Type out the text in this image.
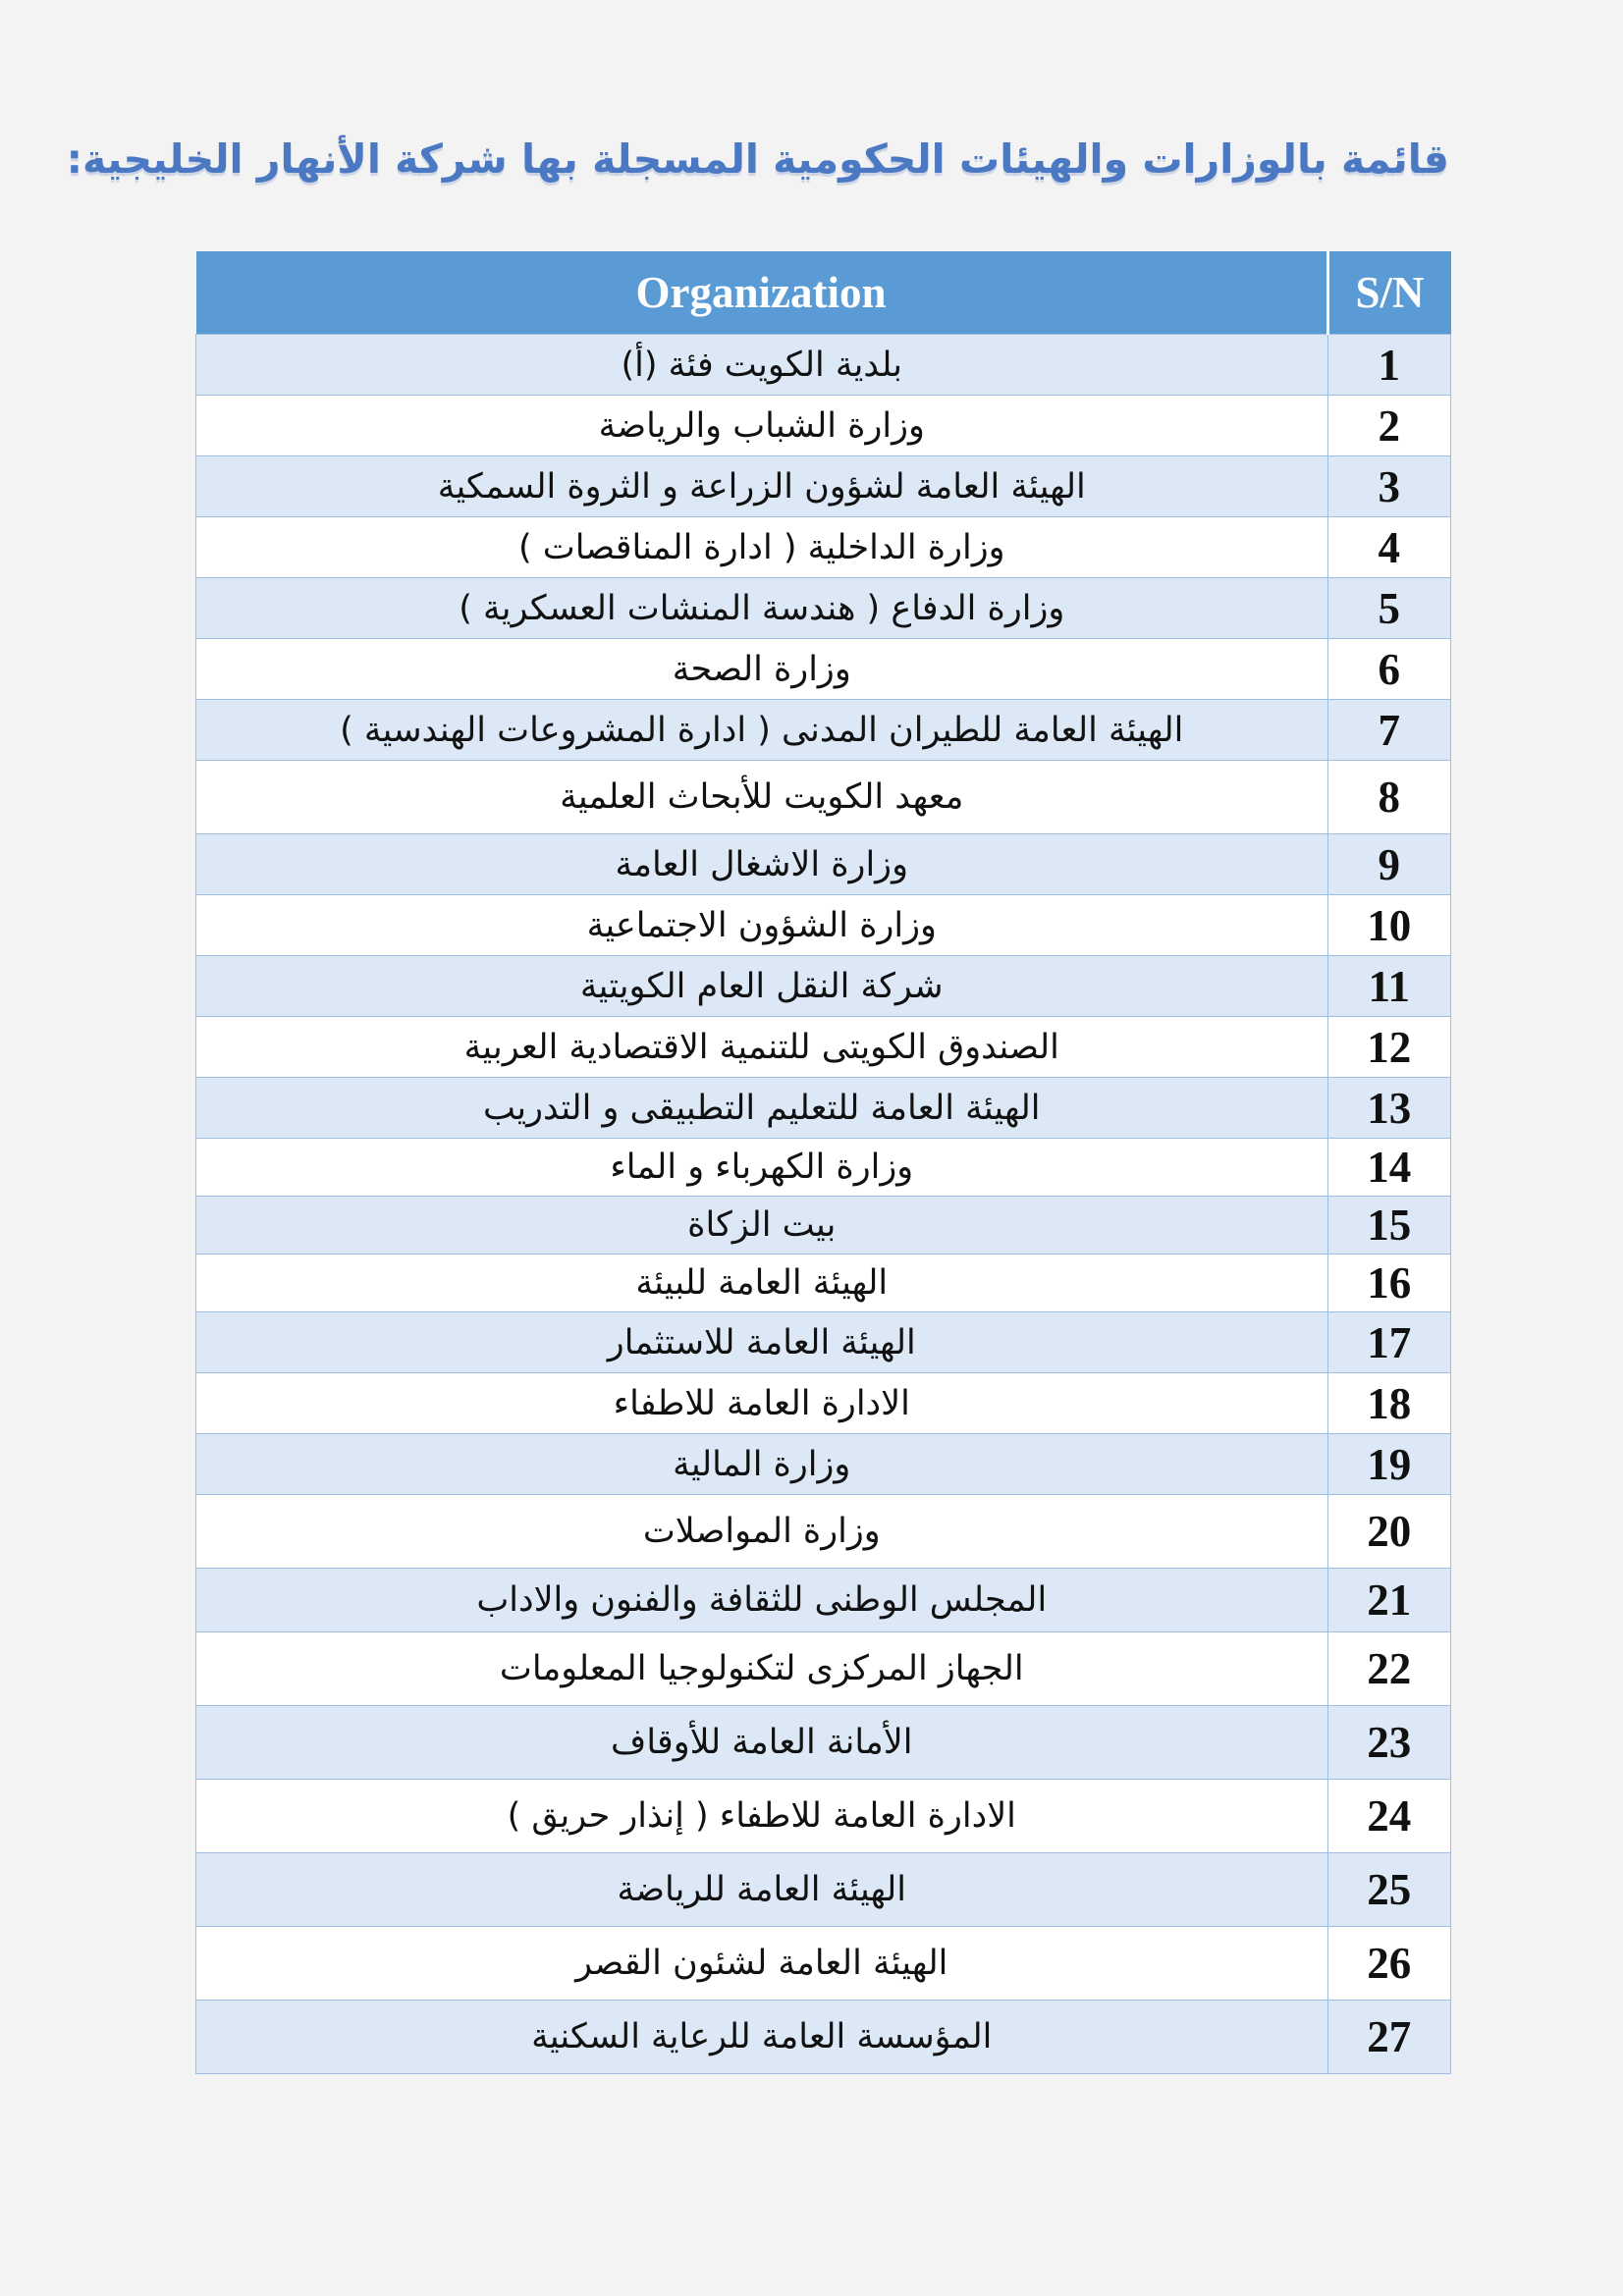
قائمة بالوزارات والهيئات الحكومية المسجلة بها شركة الأنهار الخليجية:
Organization	S/N
بلدية الكويت فئة (أ)	1
وزارة الشباب والرياضة	2
الهيئة العامة لشؤون الزراعة و الثروة السمكية	3
وزارة الداخلية ( ادارة المناقصات )	4
وزارة الدفاع ( هندسة المنشات العسكرية )	5
وزارة الصحة	6
الهيئة العامة للطيران المدنى ( ادارة المشروعات الهندسية )	7
معهد الكويت للأبحاث العلمية	8
وزارة الاشغال العامة	9
وزارة الشؤون الاجتماعية	10
شركة النقل العام الكويتية	11
الصندوق الكويتى للتنمية الاقتصادية العربية	12
الهيئة العامة للتعليم التطبيقى و التدريب	13
وزارة الكهرباء و الماء	14
بيت الزكاة	15
الهيئة العامة للبيئة	16
الهيئة العامة للاستثمار	17
الادارة العامة للاطفاء	18
وزارة المالية	19
وزارة المواصلات	20
المجلس الوطنى للثقافة والفنون والاداب	21
الجهاز المركزى لتكنولوجيا المعلومات	22
الأمانة العامة للأوقاف	23
الادارة العامة للاطفاء ( إنذار حريق )	24
الهيئة العامة للرياضة	25
الهيئة العامة لشئون القصر	26
المؤسسة العامة للرعاية السكنية	27
